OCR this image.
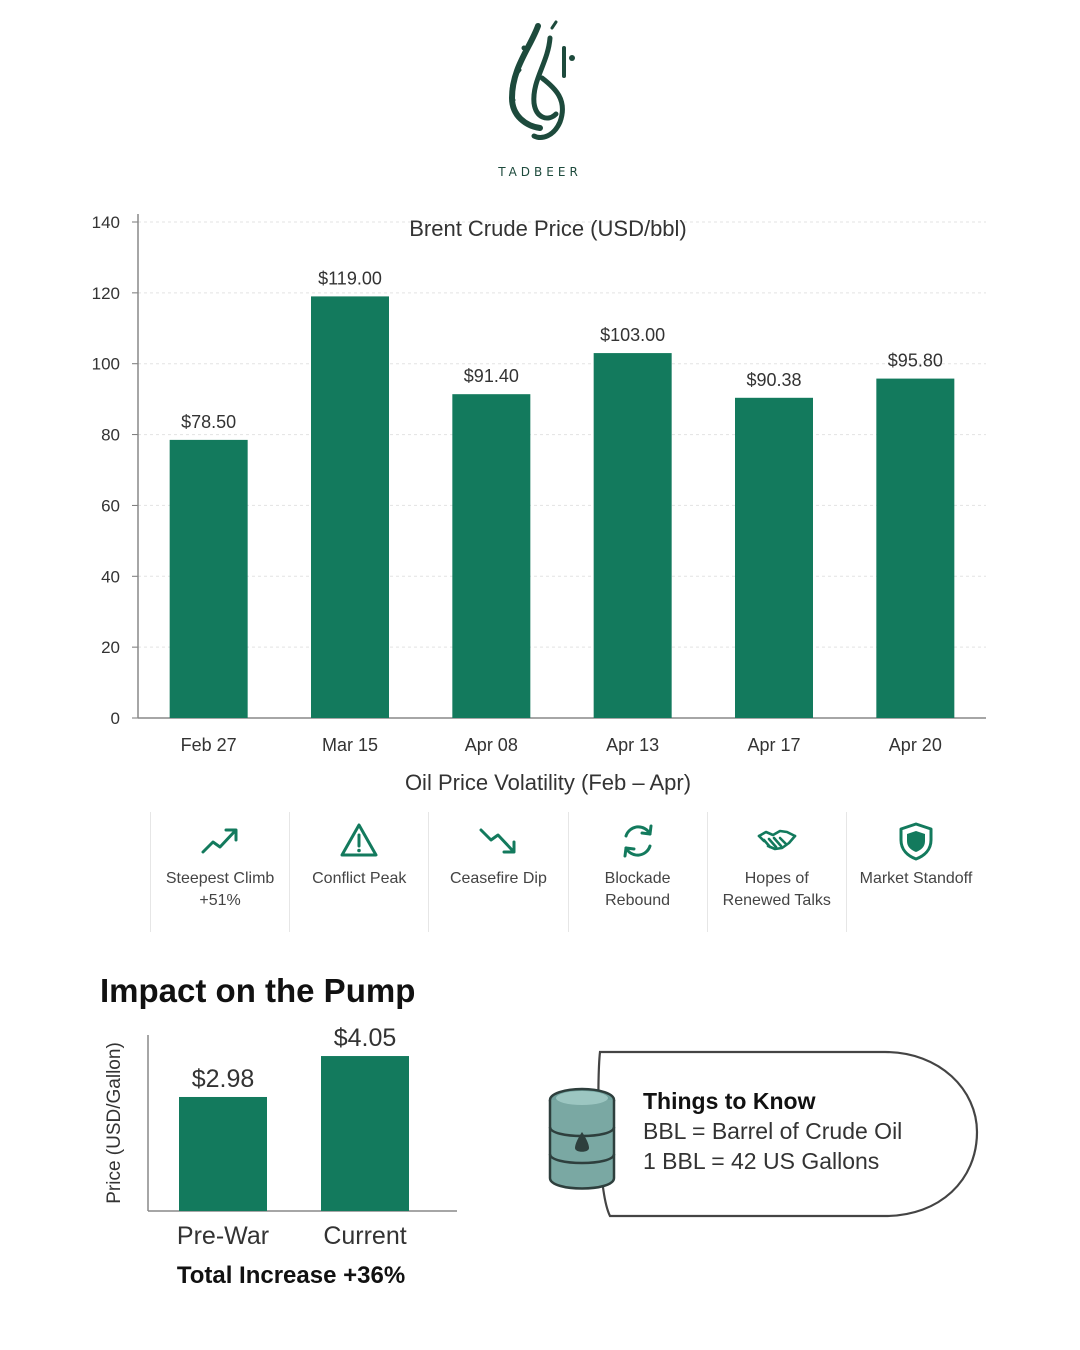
TADBEER
0
20
40
60
80
100
120
140	Brent Crude Price (USD/bbl)
$78.50
Feb 27
$119.00
Mar 15
$91.40
Apr 08
$103.00
Apr 13
$90.38
Apr 17
$95.80
Apr 20
Oil Price Volatility (Feb – Apr)
Steepest Climb +51%
Conflict Peak	Ceasefire Dip	Blockade Rebound
Hopes of Renewed Talks
Market Standoff
Impact on the Pump
Price (USD/Gallon)	$2.98
Pre-War
$4.05
Current
Total Increase +36%
Things to Know
BBL = Barrel of Crude Oil
1 BBL = 42 US Gallons
